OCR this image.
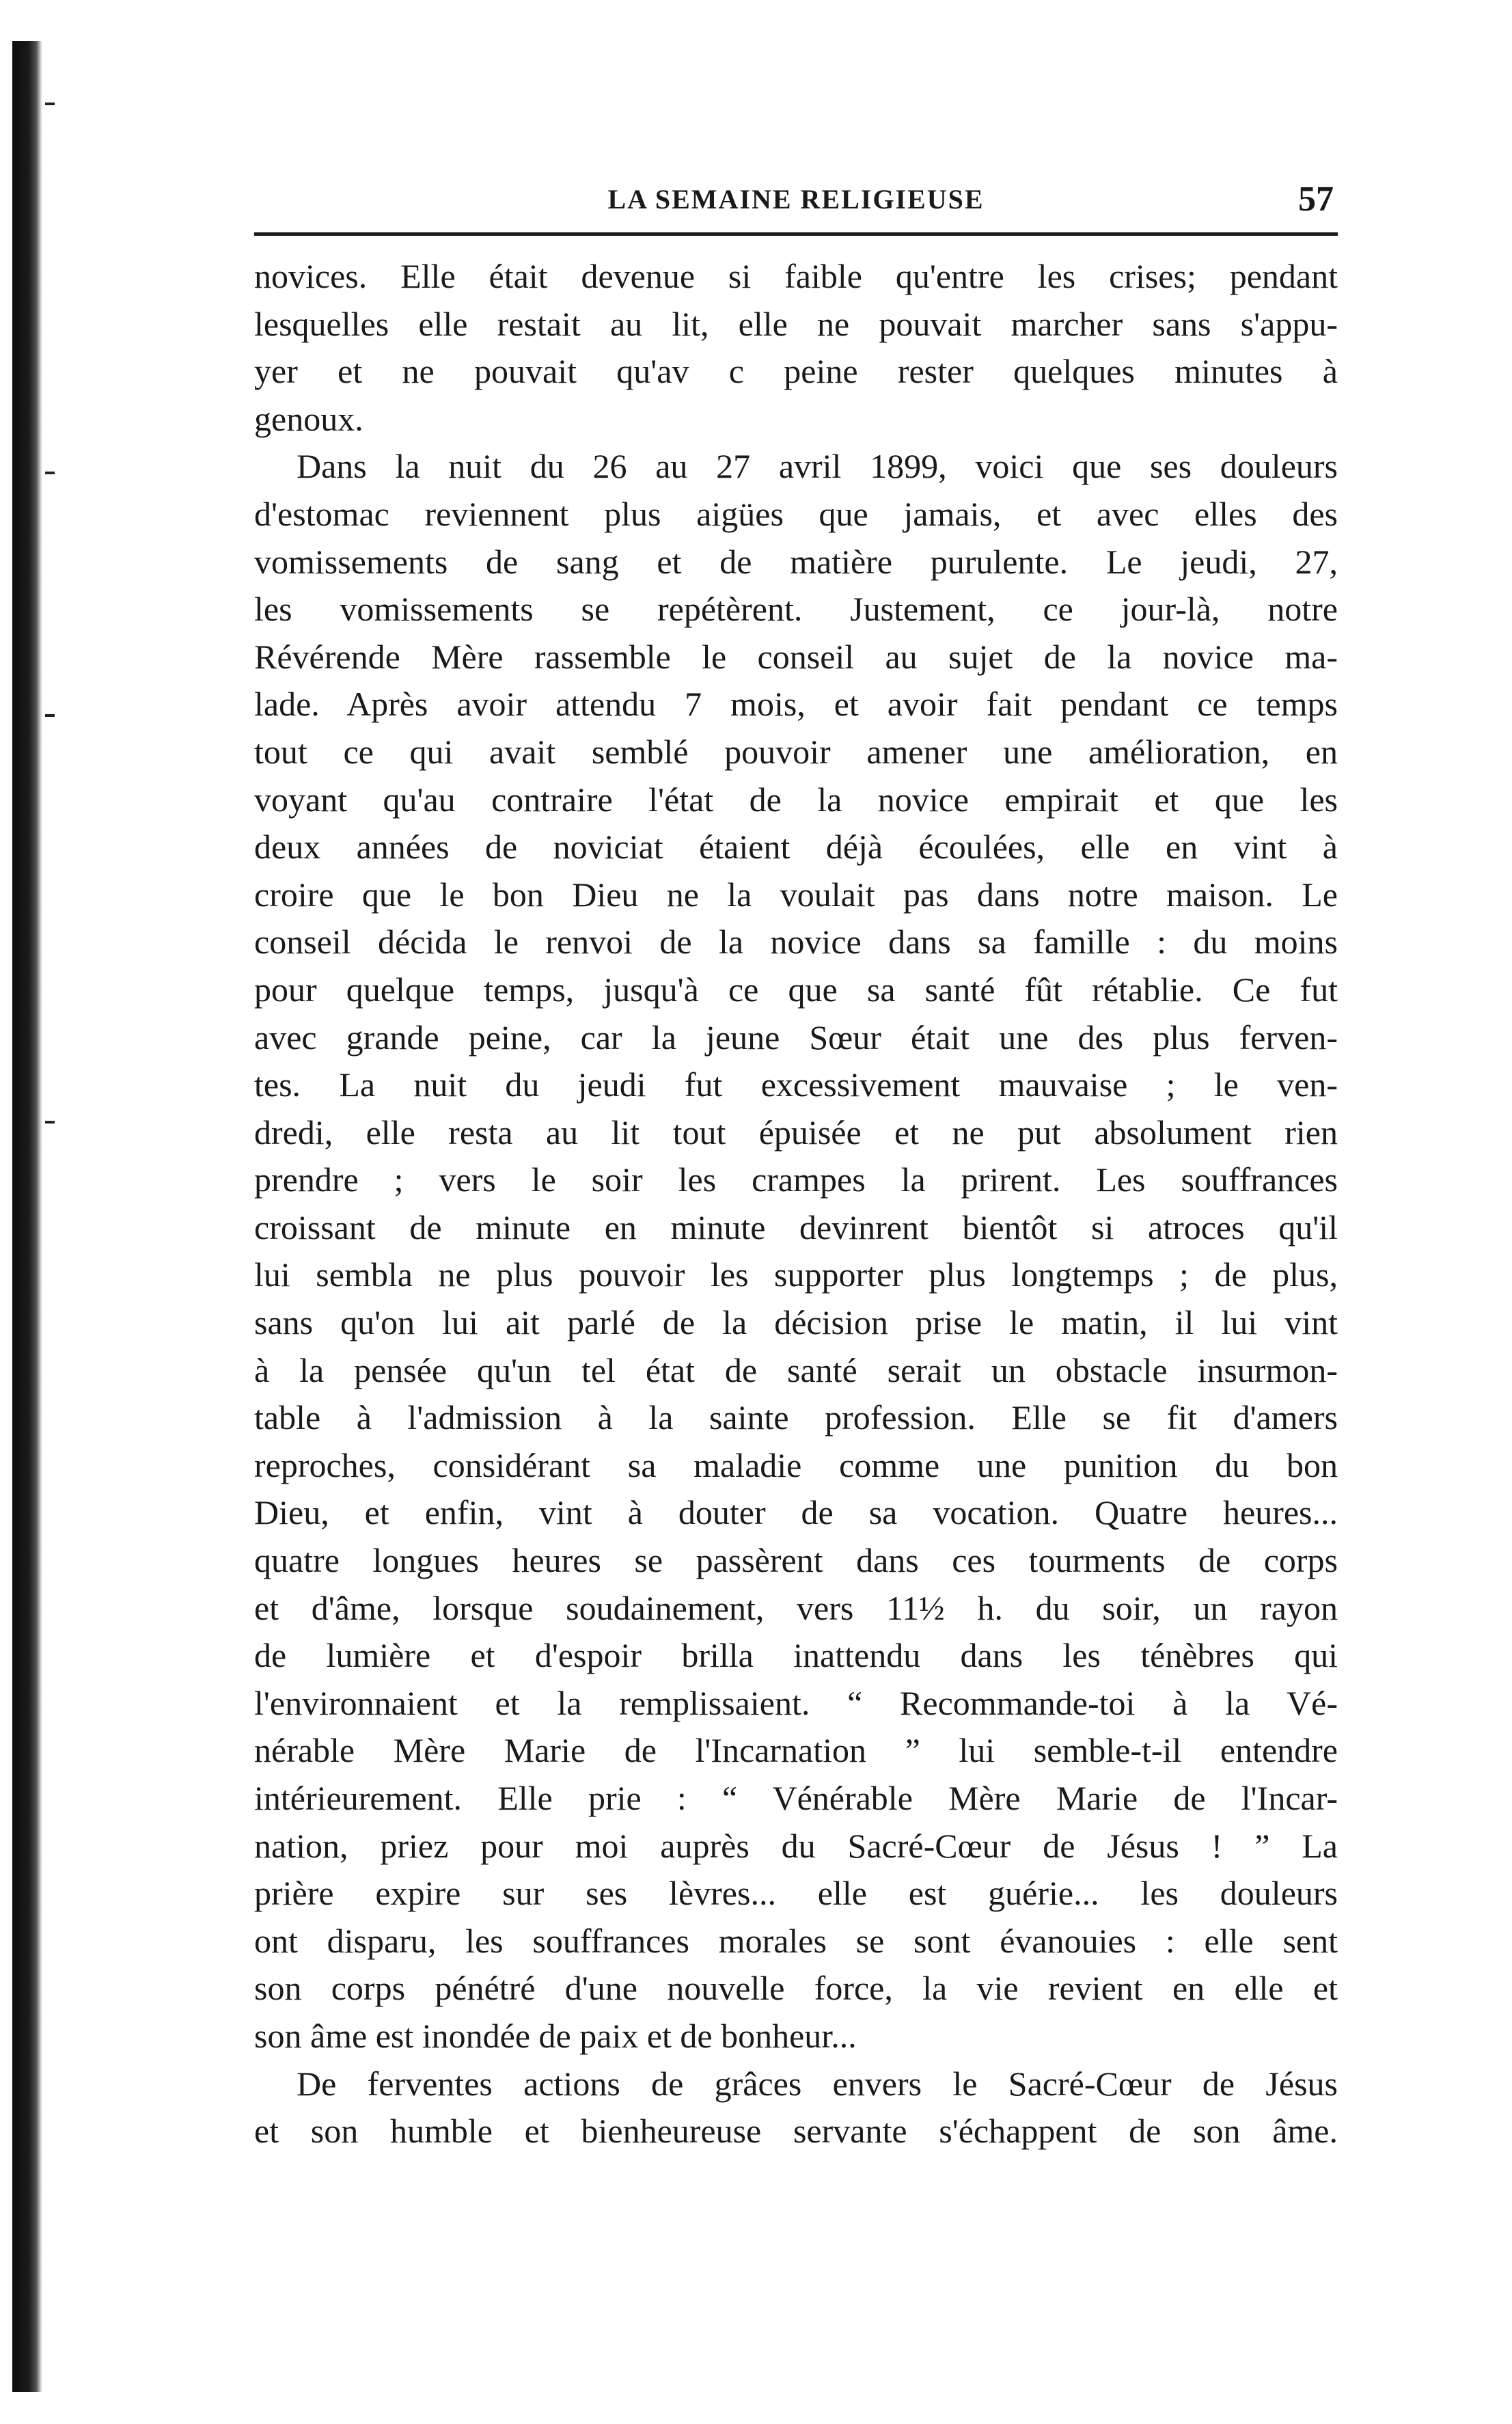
LA SEMAINE RELIGIEUSE	57
novices. Elle était devenue si faible qu'entre les crises; pendant
lesquelles elle restait au lit, elle ne pouvait marcher sans s'appu-
yer et ne pouvait qu'av c peine rester quelques minutes à
genoux.
Dans la nuit du 26 au 27 avril 1899, voici que ses douleurs
d'estomac reviennent plus aigües que jamais, et avec elles des
vomissements de sang et de matière purulente. Le jeudi, 27,
les vomissements se repétèrent. Justement, ce jour-là, notre
Révérende Mère rassemble le conseil au sujet de la novice ma-
lade. Après avoir attendu 7 mois, et avoir fait pendant ce temps
tout ce qui avait semblé pouvoir amener une amélioration, en
voyant qu'au contraire l'état de la novice empirait et que les
deux années de noviciat étaient déjà écoulées, elle en vint à
croire que le bon Dieu ne la voulait pas dans notre maison. Le
conseil décida le renvoi de la novice dans sa famille : du moins
pour quelque temps, jusqu'à ce que sa santé fût rétablie. Ce fut
avec grande peine, car la jeune Sœur était une des plus ferven-
tes. La nuit du jeudi fut excessivement mauvaise ; le ven-
dredi, elle resta au lit tout épuisée et ne put absolument rien
prendre ; vers le soir les crampes la prirent. Les souffrances
croissant de minute en minute devinrent bientôt si atroces qu'il
lui sembla ne plus pouvoir les supporter plus longtemps ; de plus,
sans qu'on lui ait parlé de la décision prise le matin, il lui vint
à la pensée qu'un tel état de santé serait un obstacle insurmon-
table à l'admission à la sainte profession. Elle se fit d'amers
reproches, considérant sa maladie comme une punition du bon
Dieu, et enfin, vint à douter de sa vocation. Quatre heures...
quatre longues heures se passèrent dans ces tourments de corps
et d'âme, lorsque soudainement, vers 11½ h. du soir, un rayon
de lumière et d'espoir brilla inattendu dans les ténèbres qui
l'environnaient et la remplissaient. “ Recommande-toi à la Vé-
nérable Mère Marie de l'Incarnation ” lui semble-t-il entendre
intérieurement. Elle prie : “ Vénérable Mère Marie de l'Incar-
nation, priez pour moi auprès du Sacré-Cœur de Jésus ! ” La
prière expire sur ses lèvres... elle est guérie... les douleurs
ont disparu, les souffrances morales se sont évanouies : elle sent
son corps pénétré d'une nouvelle force, la vie revient en elle et
son âme est inondée de paix et de bonheur...
De ferventes actions de grâces envers le Sacré-Cœur de Jésus
et son humble et bienheureuse servante s'échappent de son âme.
